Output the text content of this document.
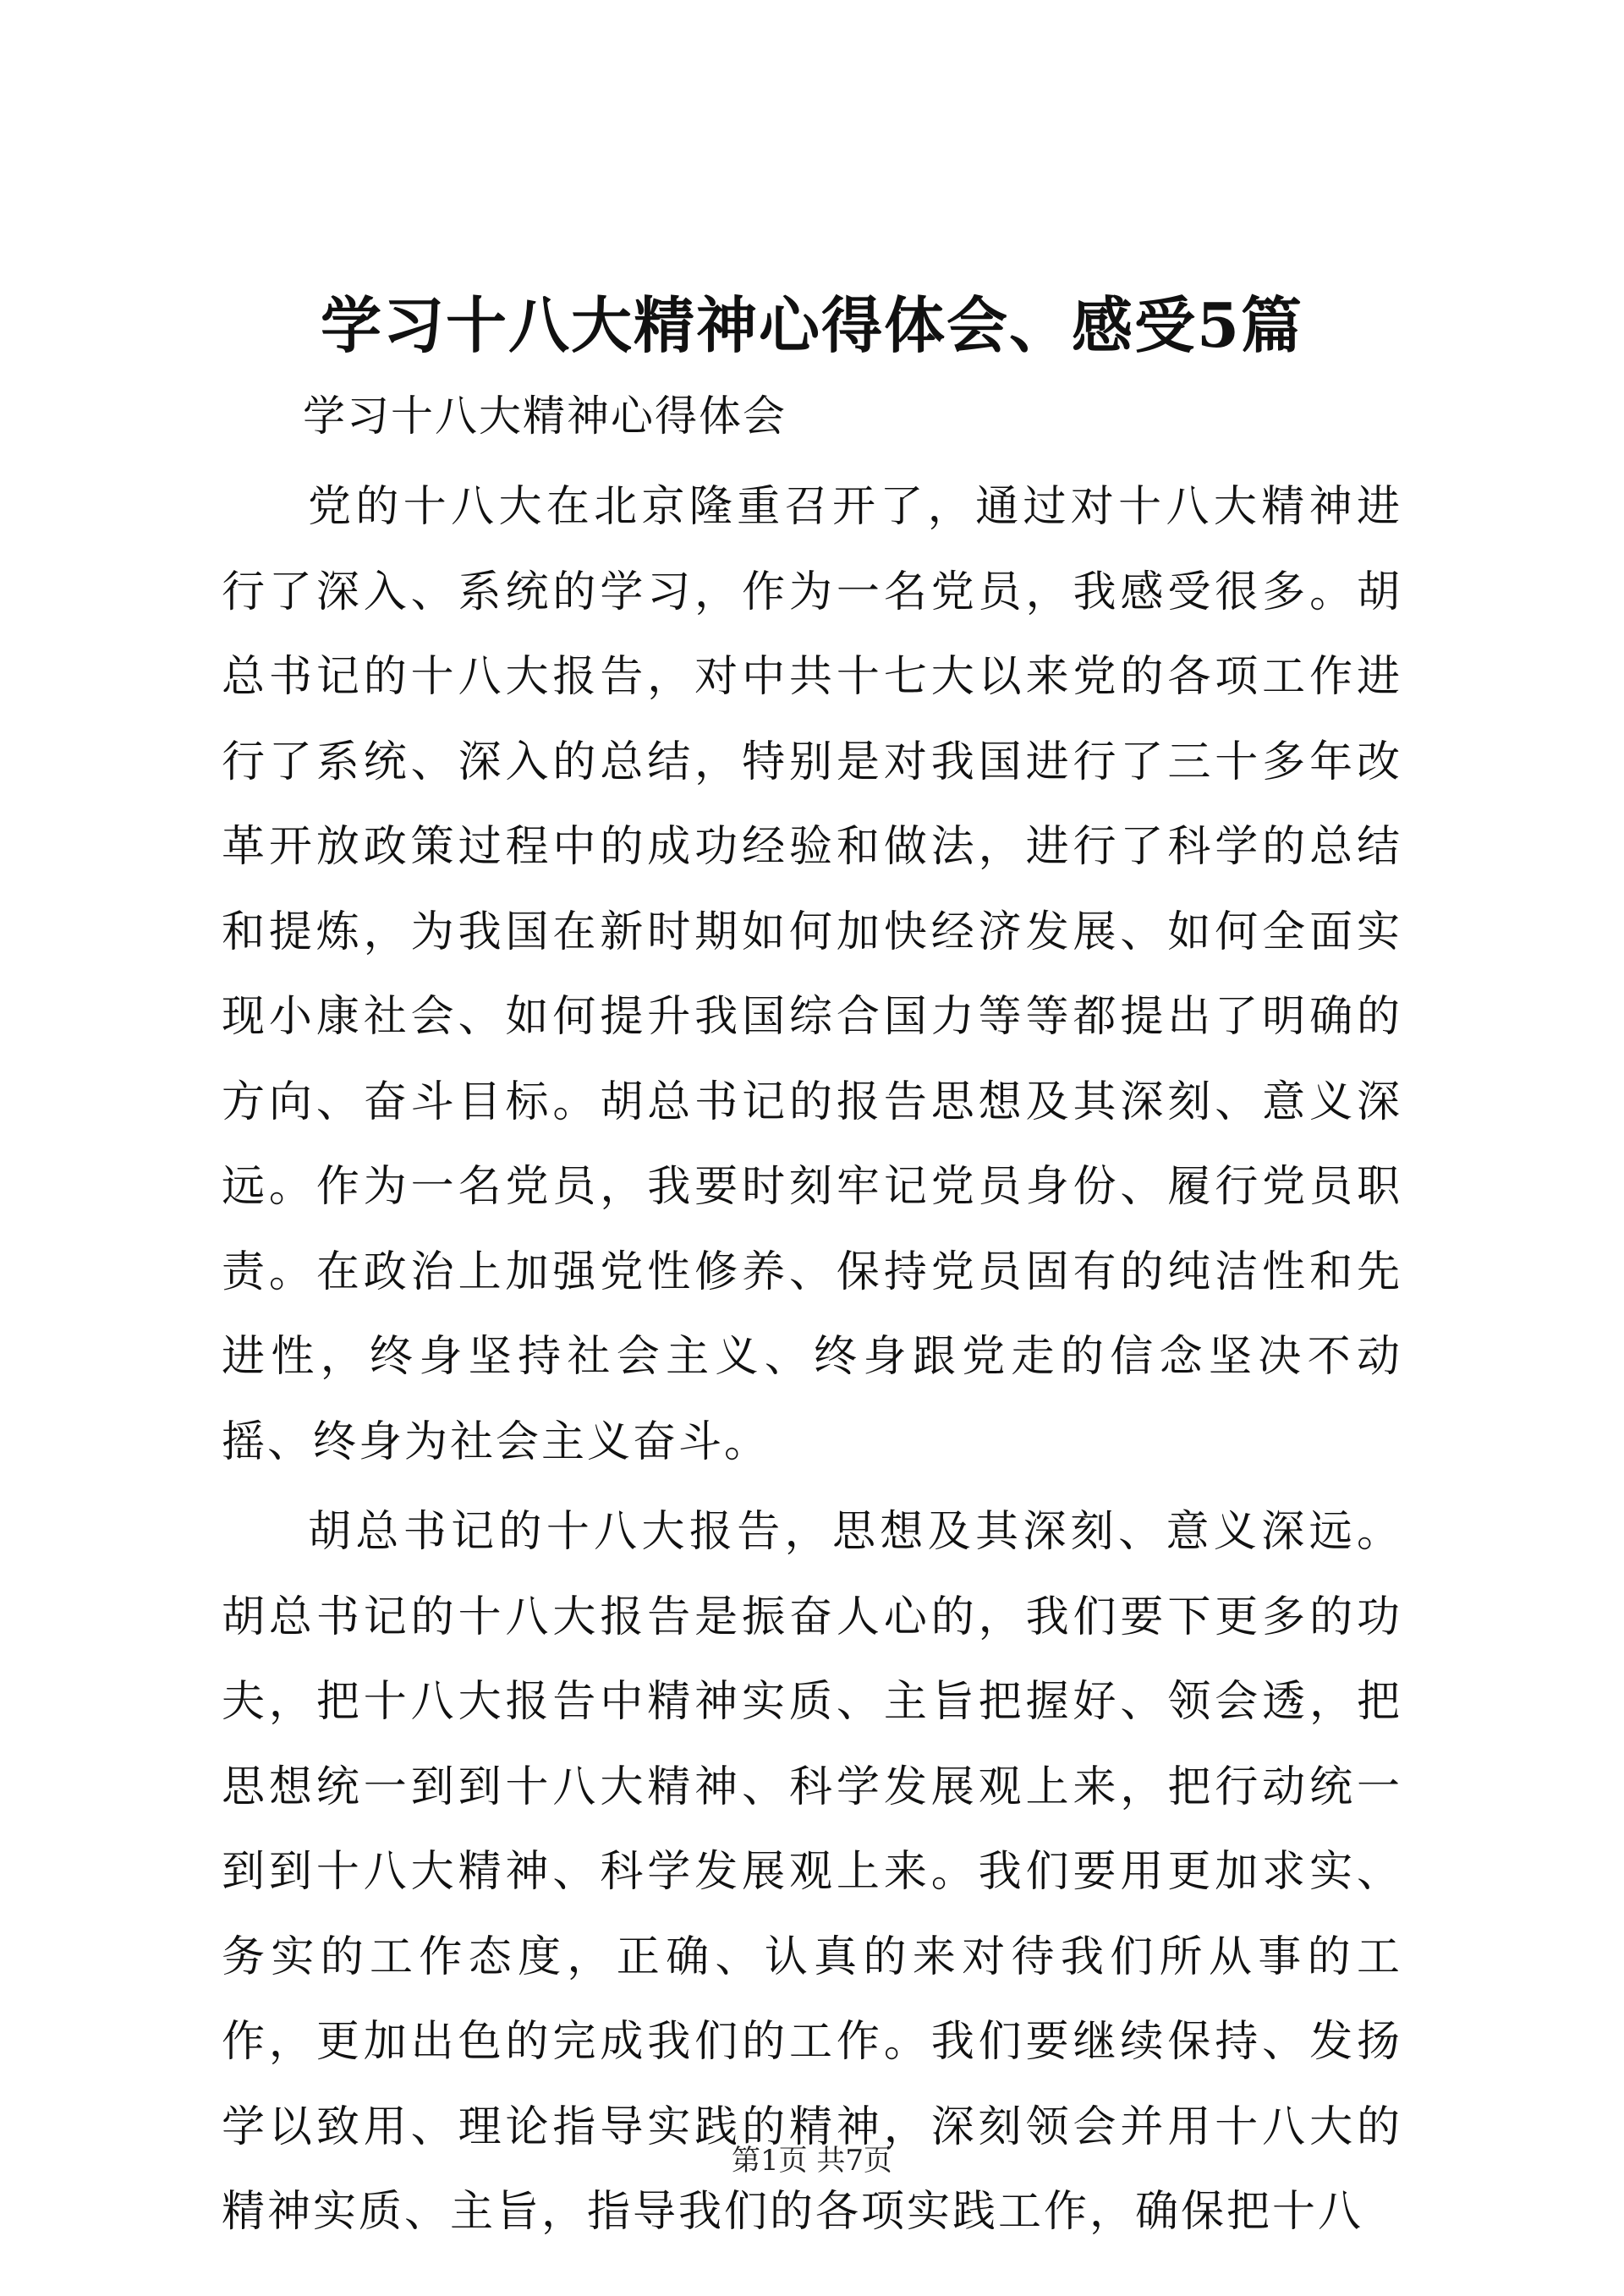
学习十八大精神心得体会、感受5篇

学习十八大精神心得体会

党的十八大在北京隆重召开了，通过对十八大精神进行了深入、系统的学习，作为一名党员，我感受很多。胡总书记的十八大报告，对中共十七大以来党的各项工作进行了系统、深入的总结，特别是对我国进行了三十多年改革开放政策过程中的成功经验和做法，进行了科学的总结和提炼，为我国在新时期如何加快经济发展、如何全面实现小康社会、如何提升我国综合国力等等都提出了明确的方向、奋斗目标。胡总书记的报告思想及其深刻、意义深远。作为一名党员，我要时刻牢记党员身份、履行党员职责。在政治上加强党性修养、保持党员固有的纯洁性和先进性，终身坚持社会主义、终身跟党走的信念坚决不动摇、终身为社会主义奋斗。

胡总书记的十八大报告，思想及其深刻、意义深远。胡总书记的十八大报告是振奋人心的，我们要下更多的功夫，把十八大报告中精神实质、主旨把握好、领会透，把思想统一到到十八大精神、科学发展观上来，把行动统一到到十八大精神、科学发展观上来。我们要用更加求实、务实的工作态度，正确、认真的来对待我们所从事的工作，更加出色的完成我们的工作。我们要继续保持、发扬学以致用、理论指导实践的精神，深刻领会并用十八大的精神实质、主旨，指导我们的各项实践工作，确保把十八

第1页 共7页
